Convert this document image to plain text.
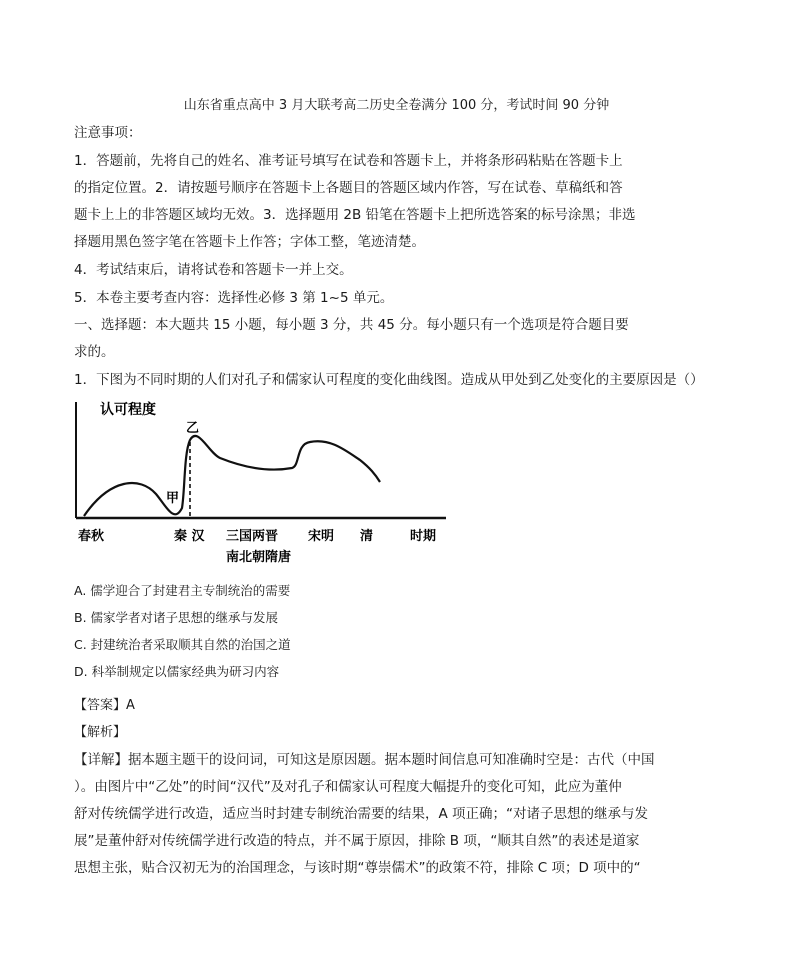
山东省重点高中 3 月大联考高二历史全卷满分 100 分，考试时间 90 分钟
注意事项：
1．答题前，先将自己的姓名、准考证号填写在试卷和答题卡上，并将条形码粘贴在答题卡上
的指定位置。2．请按题号顺序在答题卡上各题目的答题区域内作答，写在试卷、草稿纸和答
题卡上上的非答题区域均无效。3．选择题用 2B 铅笔在答题卡上把所选答案的标号涂黑；非选
择题用黑色签字笔在答题卡上作答；字体工整，笔迹清楚。
4．考试结束后，请将试卷和答题卡一并上交。
5．本卷主要考查内容：选择性必修 3 第 1~5 单元。
一、选择题：本大题共 15 小题，每小题 3 分，共 45 分。每小题只有一个选项是符合题目要
求的。
1．下图为不同时期的人们对孔子和儒家认可程度的变化曲线图。造成从甲处到乙处变化的主要原因是（）
认可程度
甲
乙
春秋	秦 汉 三国两晋 宋明 清	时期
南北朝隋唐
A. 儒学迎合了封建君主专制统治的需要
B. 儒家学者对诸子思想的继承与发展
C. 封建统治者采取顺其自然的治国之道
D. 科举制规定以儒家经典为研习内容
【答案】A
【解析】
【详解】据本题主题干的设问词，可知这是原因题。据本题时间信息可知准确时空是：古代（中国
）。由图片中“乙处”的时间“汉代”及对孔子和儒家认可程度大幅提升的变化可知，此应为董仲
舒对传统儒学进行改造，适应当时封建专制统治需要的结果，A 项正确；“对诸子思想的继承与发
展”是董仲舒对传统儒学进行改造的特点，并不属于原因，排除 B 项，“顺其自然”的表述是道家
思想主张，贴合汉初无为的治国理念，与该时期“尊崇儒术”的政策不符，排除 C 项；D 项中的“
